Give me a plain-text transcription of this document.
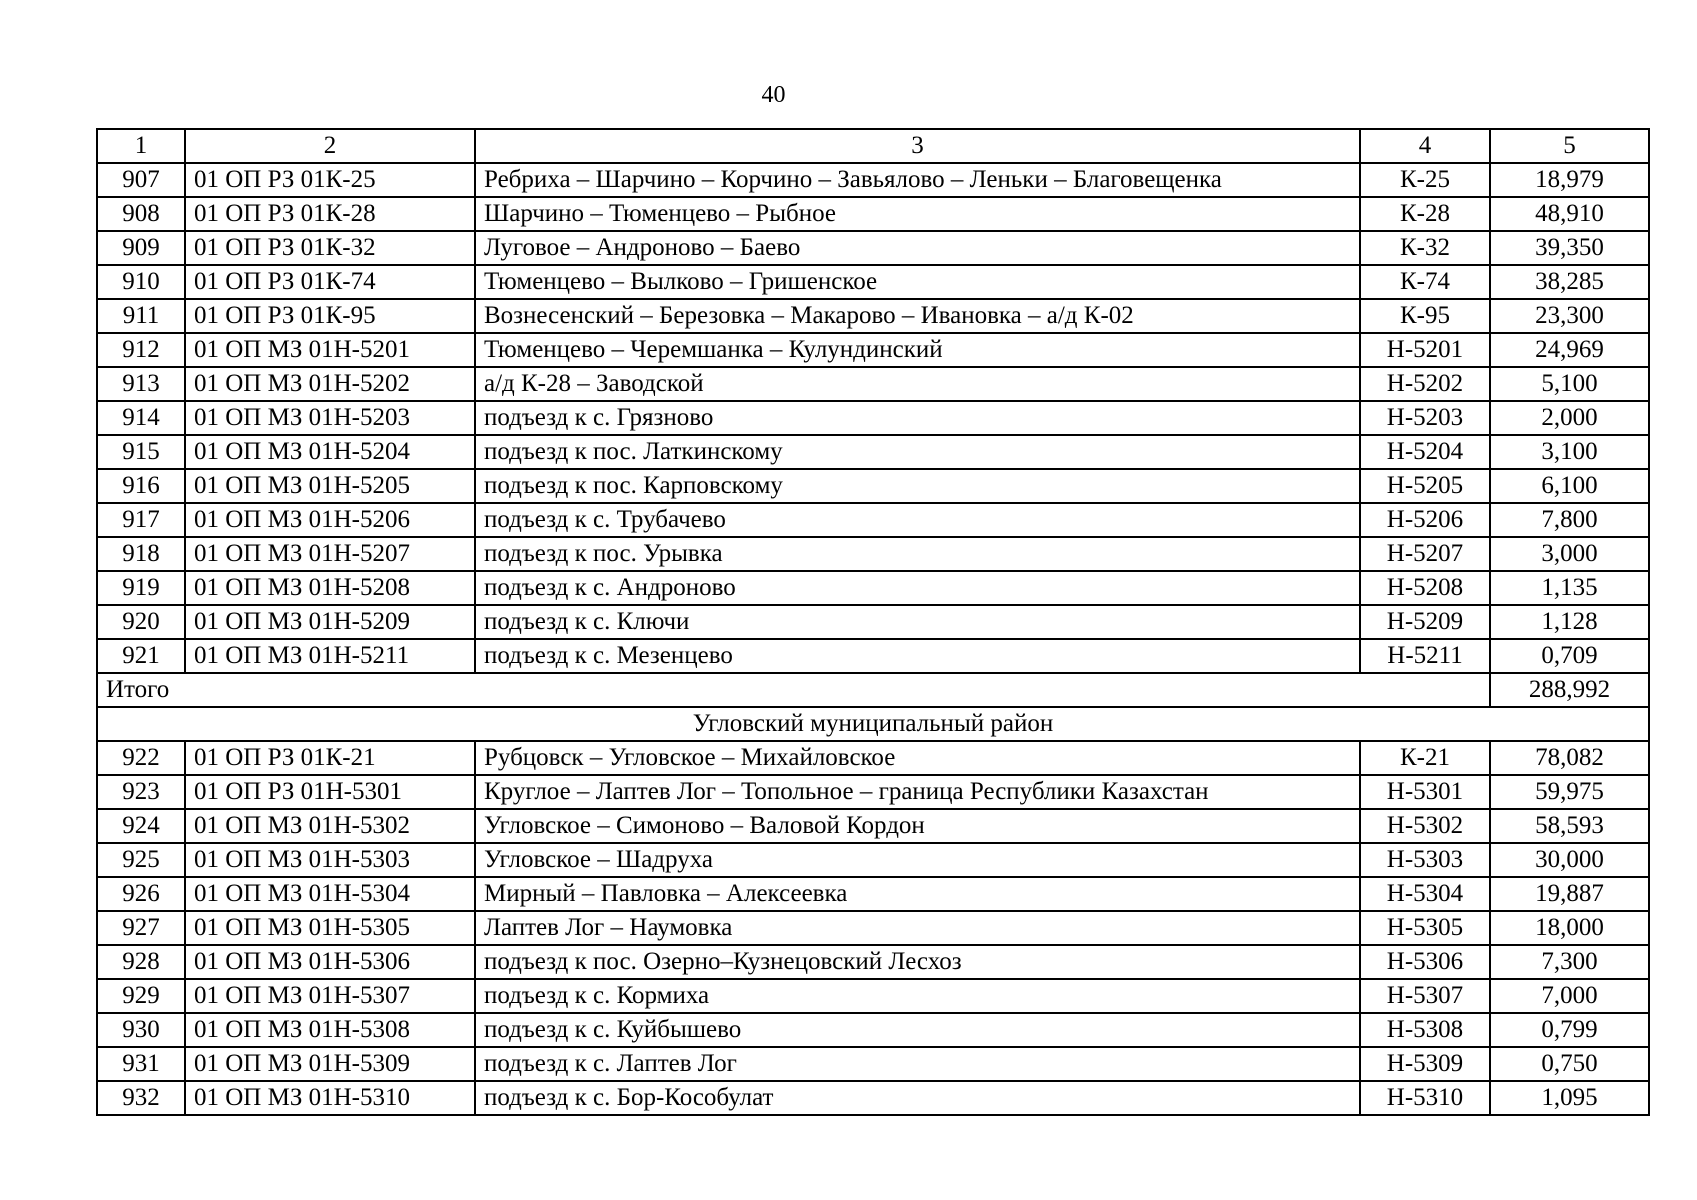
40
1	2	3	4	5
907	01 ОП РЗ 01К-25	Ребриха – Шарчино – Корчино – Завьялово – Леньки – Благовещенка	К-25	18,979
908	01 ОП РЗ 01К-28	Шарчино – Тюменцево – Рыбное	К-28	48,910
909	01 ОП РЗ 01К-32	Луговое – Андроново – Баево	К-32	39,350
910	01 ОП РЗ 01К-74	Тюменцево – Вылково – Гришенское	К-74	38,285
911	01 ОП РЗ 01К-95	Вознесенский – Березовка – Макарово – Ивановка – а/д К-02	К-95	23,300
912	01 ОП МЗ 01Н-5201	Тюменцево – Черемшанка – Кулундинский	Н-5201	24,969
913	01 ОП МЗ 01Н-5202	а/д К-28 – Заводской	Н-5202	5,100
914	01 ОП МЗ 01Н-5203	подъезд к с. Грязново	Н-5203	2,000
915	01 ОП МЗ 01Н-5204	подъезд к пос. Латкинскому	Н-5204	3,100
916	01 ОП МЗ 01Н-5205	подъезд к пос. Карповскому	Н-5205	6,100
917	01 ОП МЗ 01Н-5206	подъезд к с. Трубачево	Н-5206	7,800
918	01 ОП МЗ 01Н-5207	подъезд к пос. Урывка	Н-5207	3,000
919	01 ОП МЗ 01Н-5208	подъезд к с. Андроново	Н-5208	1,135
920	01 ОП МЗ 01Н-5209	подъезд к с. Ключи	Н-5209	1,128
921	01 ОП МЗ 01Н-5211	подъезд к с. Мезенцево	Н-5211	0,709
Итого				288,992
Угловский муниципальный район				
922	01 ОП РЗ 01К-21	Рубцовск – Угловское – Михайловское	К-21	78,082
923	01 ОП РЗ 01Н-5301	Круглое – Лаптев Лог – Топольное – граница Республики Казахстан	Н-5301	59,975
924	01 ОП МЗ 01Н-5302	Угловское – Симоново – Валовой Кордон	Н-5302	58,593
925	01 ОП МЗ 01Н-5303	Угловское – Шадруха	Н-5303	30,000
926	01 ОП МЗ 01Н-5304	Мирный – Павловка – Алексеевка	Н-5304	19,887
927	01 ОП МЗ 01Н-5305	Лаптев Лог – Наумовка	Н-5305	18,000
928	01 ОП МЗ 01Н-5306	подъезд к пос. Озерно–Кузнецовский Лесхоз	Н-5306	7,300
929	01 ОП МЗ 01Н-5307	подъезд к с. Кормиха	Н-5307	7,000
930	01 ОП МЗ 01Н-5308	подъезд к с. Куйбышево	Н-5308	0,799
931	01 ОП МЗ 01Н-5309	подъезд к с. Лаптев Лог	Н-5309	0,750
932	01 ОП МЗ 01Н-5310	подъезд к с. Бор-Кособулат	Н-5310	1,095
